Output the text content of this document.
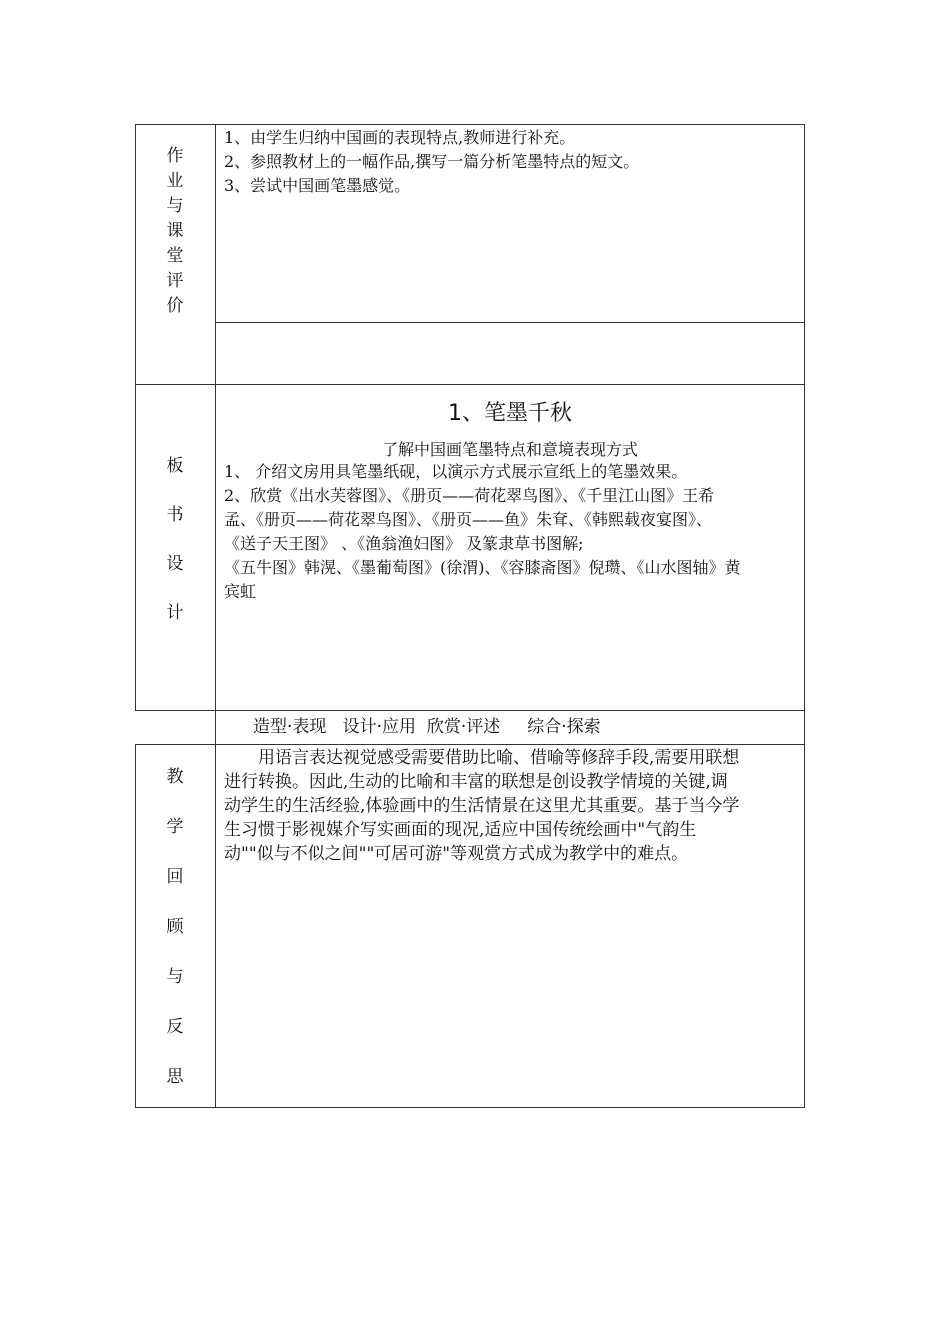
作
业
与
课
堂
评
价

1、由学生归纳中国画的表现特点,教师进行补充。

2、参照教材上的一幅作品,撰写一篇分析笔墨特点的短文。

3、尝试中国画笔墨感觉。

板
书
设
计
1、笔墨千秋
了解中国画笔墨特点和意境表现方式

1、 介绍文房用具笔墨纸砚，以演示方式展示宣纸上的笔墨效果。

2、欣赏《出水芙蓉图》、《册页——荷花翠鸟图》、《千里江山图》王希

孟、《册页——荷花翠鸟图》、《册页——鱼》朱耷、《韩熙载夜宴图》、

《送子天王图》 、《渔翁渔妇图》 及篆隶草书图解;

《五牛图》韩滉、《墨葡萄图》(徐渭)、《容膝斋图》倪瓒、《山水图轴》黄

宾虹

造型·表现   设计·应用  欣赏·评述     综合·探索
教
学
回
顾
与
反
思

用语言表达视觉感受需要借助比喻、借喻等修辞手段,需要用联想

进行转换。因此,生动的比喻和丰富的联想是创设教学情境的关键,调

动学生的生活经验,体验画中的生活情景在这里尤其重要。基于当今学

生习惯于影视媒介写实画面的现况,适应中国传统绘画中"气韵生

动""似与不似之间""可居可游"等观赏方式成为教学中的难点。
